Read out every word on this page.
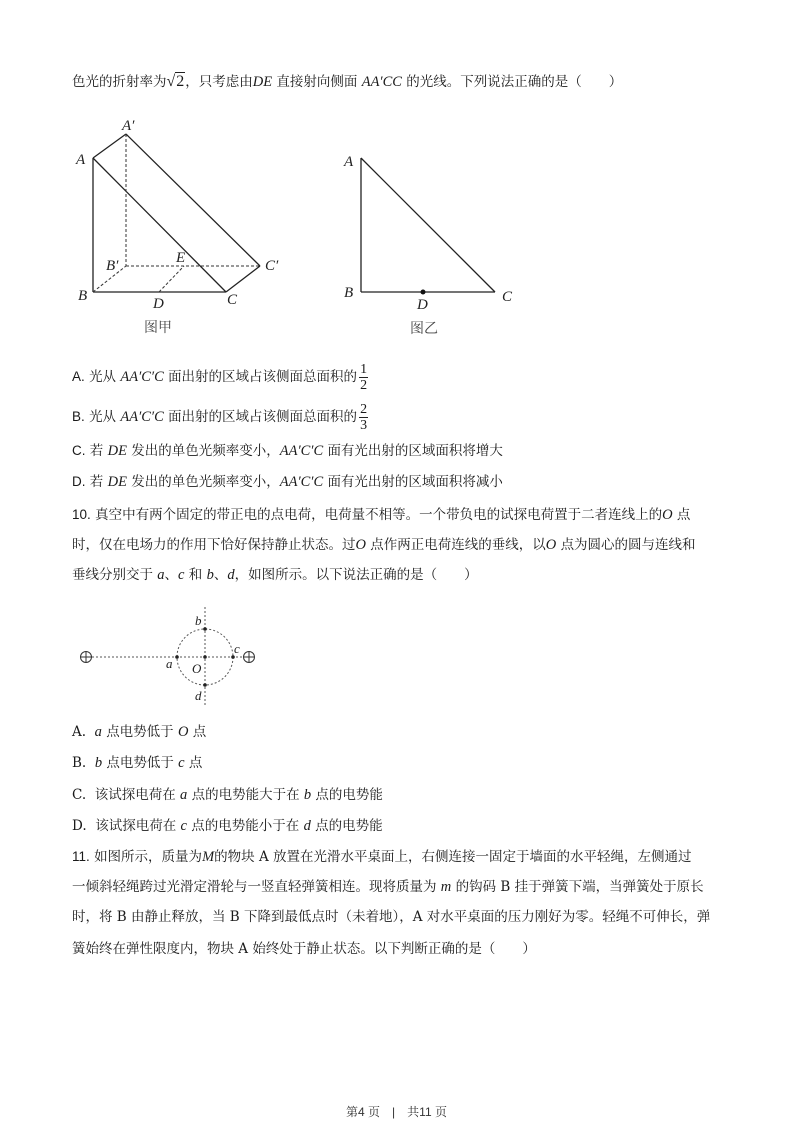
色光的折射率为√2，只考虑由DE 直接射向侧面 AA′CC 的光线。下列说法正确的是（　　）
A
A′
B′	E	C′
B	D	C
图甲
A
B	C
D
图乙
A. 光从 AA′C′C 面出射的区域占该侧面总面积的 $\frac{1}{2}$
B. 光从 AA′C′C 面出射的区域占该侧面总面积的 $\frac{2}{3}$
C. 若 DE 发出的单色光频率变小，AA′C′C 面有光出射的区域面积将增大
D. 若 DE 发出的单色光频率变小，AA′C′C 面有光出射的区域面积将减小
10. 真空中有两个固定的带正电的点电荷，电荷量不相等。一个带负电的试探电荷置于二者连线上的O 点
时，仅在电场力的作用下恰好保持静止状态。过O 点作两正电荷连线的垂线，以O 点为圆心的圆与连线和
垂线分别交于 a、c 和 b、d，如图所示。以下说法正确的是（　　）
b
a O
c
d
A. a 点电势低于 O 点
B. b 点电势低于 c 点
C. 该试探电荷在 a 点的电势能大于在 b 点的电势能
D. 该试探电荷在 c 点的电势能小于在 d 点的电势能
11. 如图所示，质量为M的物块 A 放置在光滑水平桌面上，右侧连接一固定于墙面的水平轻绳，左侧通过
一倾斜轻绳跨过光滑定滑轮与一竖直轻弹簧相连。现将质量为 m 的钩码 B 挂于弹簧下端，当弹簧处于原长
时，将 B 由静止释放，当 B 下降到最低点时（未着地），A 对水平桌面的压力刚好为零。轻绳不可伸长，弹
簧始终在弹性限度内，物块 A 始终处于静止状态。以下判断正确的是（　　）
第4 页　|　共11 页
